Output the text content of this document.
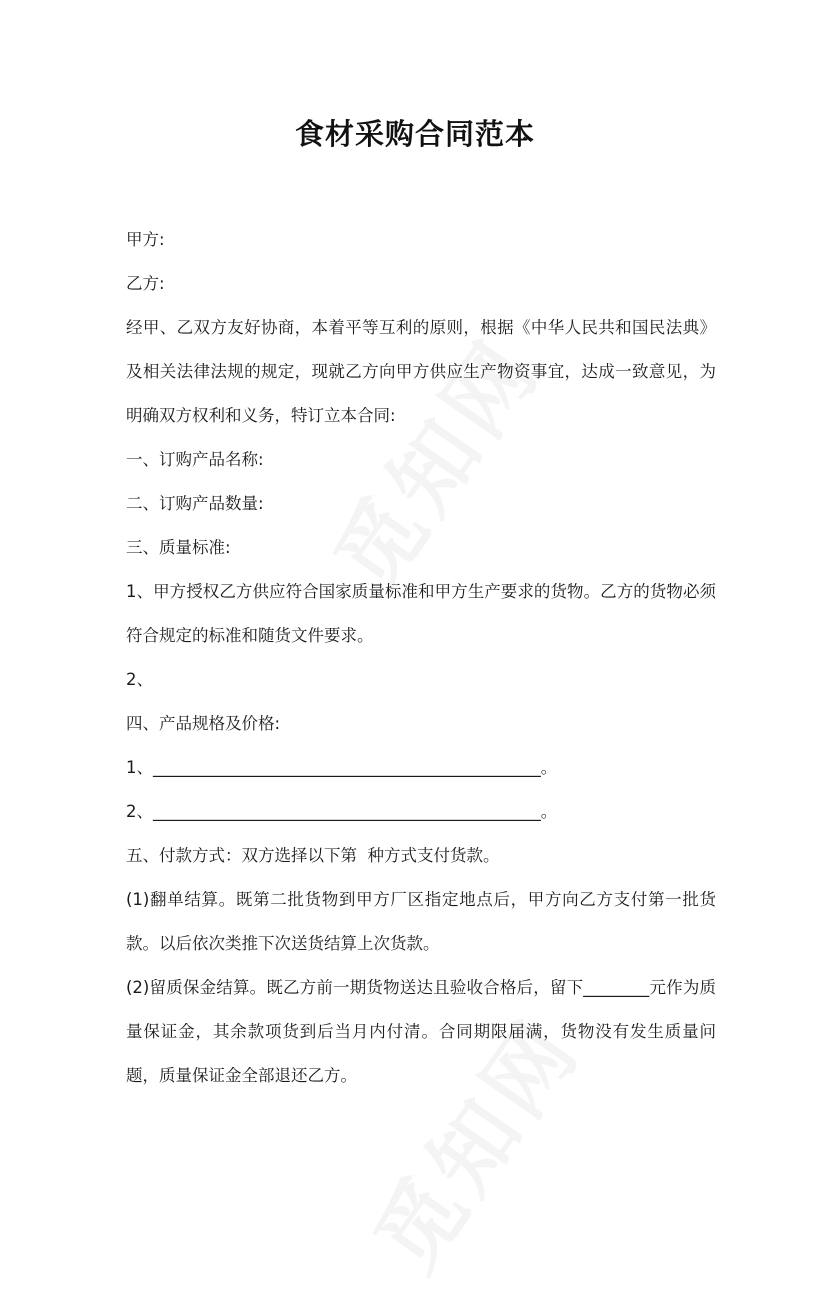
食材采购合同范本

甲方:

乙方:

经甲、乙双方友好协商，本着平等互利的原则，根据《中华人民共和国民法典》及相关法律法规的规定，现就乙方向甲方供应生产物资事宜，达成一致意见，为明确双方权利和义务，特订立本合同:

一、订购产品名称:

二、订购产品数量:

三、质量标准:

1、甲方授权乙方供应符合国家质量标准和甲方生产要求的货物。乙方的货物必须符合规定的标准和随货文件要求。

2、

四、产品规格及价格:

1、_______________________________________________。

2、_______________________________________________。

五、付款方式：双方选择以下第  种方式支付货款。

(1)翻单结算。既第二批货物到甲方厂区指定地点后，甲方向乙方支付第一批货款。以后依次类推下次送货结算上次货款。

(2)留质保金结算。既乙方前一期货物送达且验收合格后，留下________元作为质量保证金，其余款项货到后当月内付清。合同期限届满，货物没有发生质量问题，质量保证金全部退还乙方。
